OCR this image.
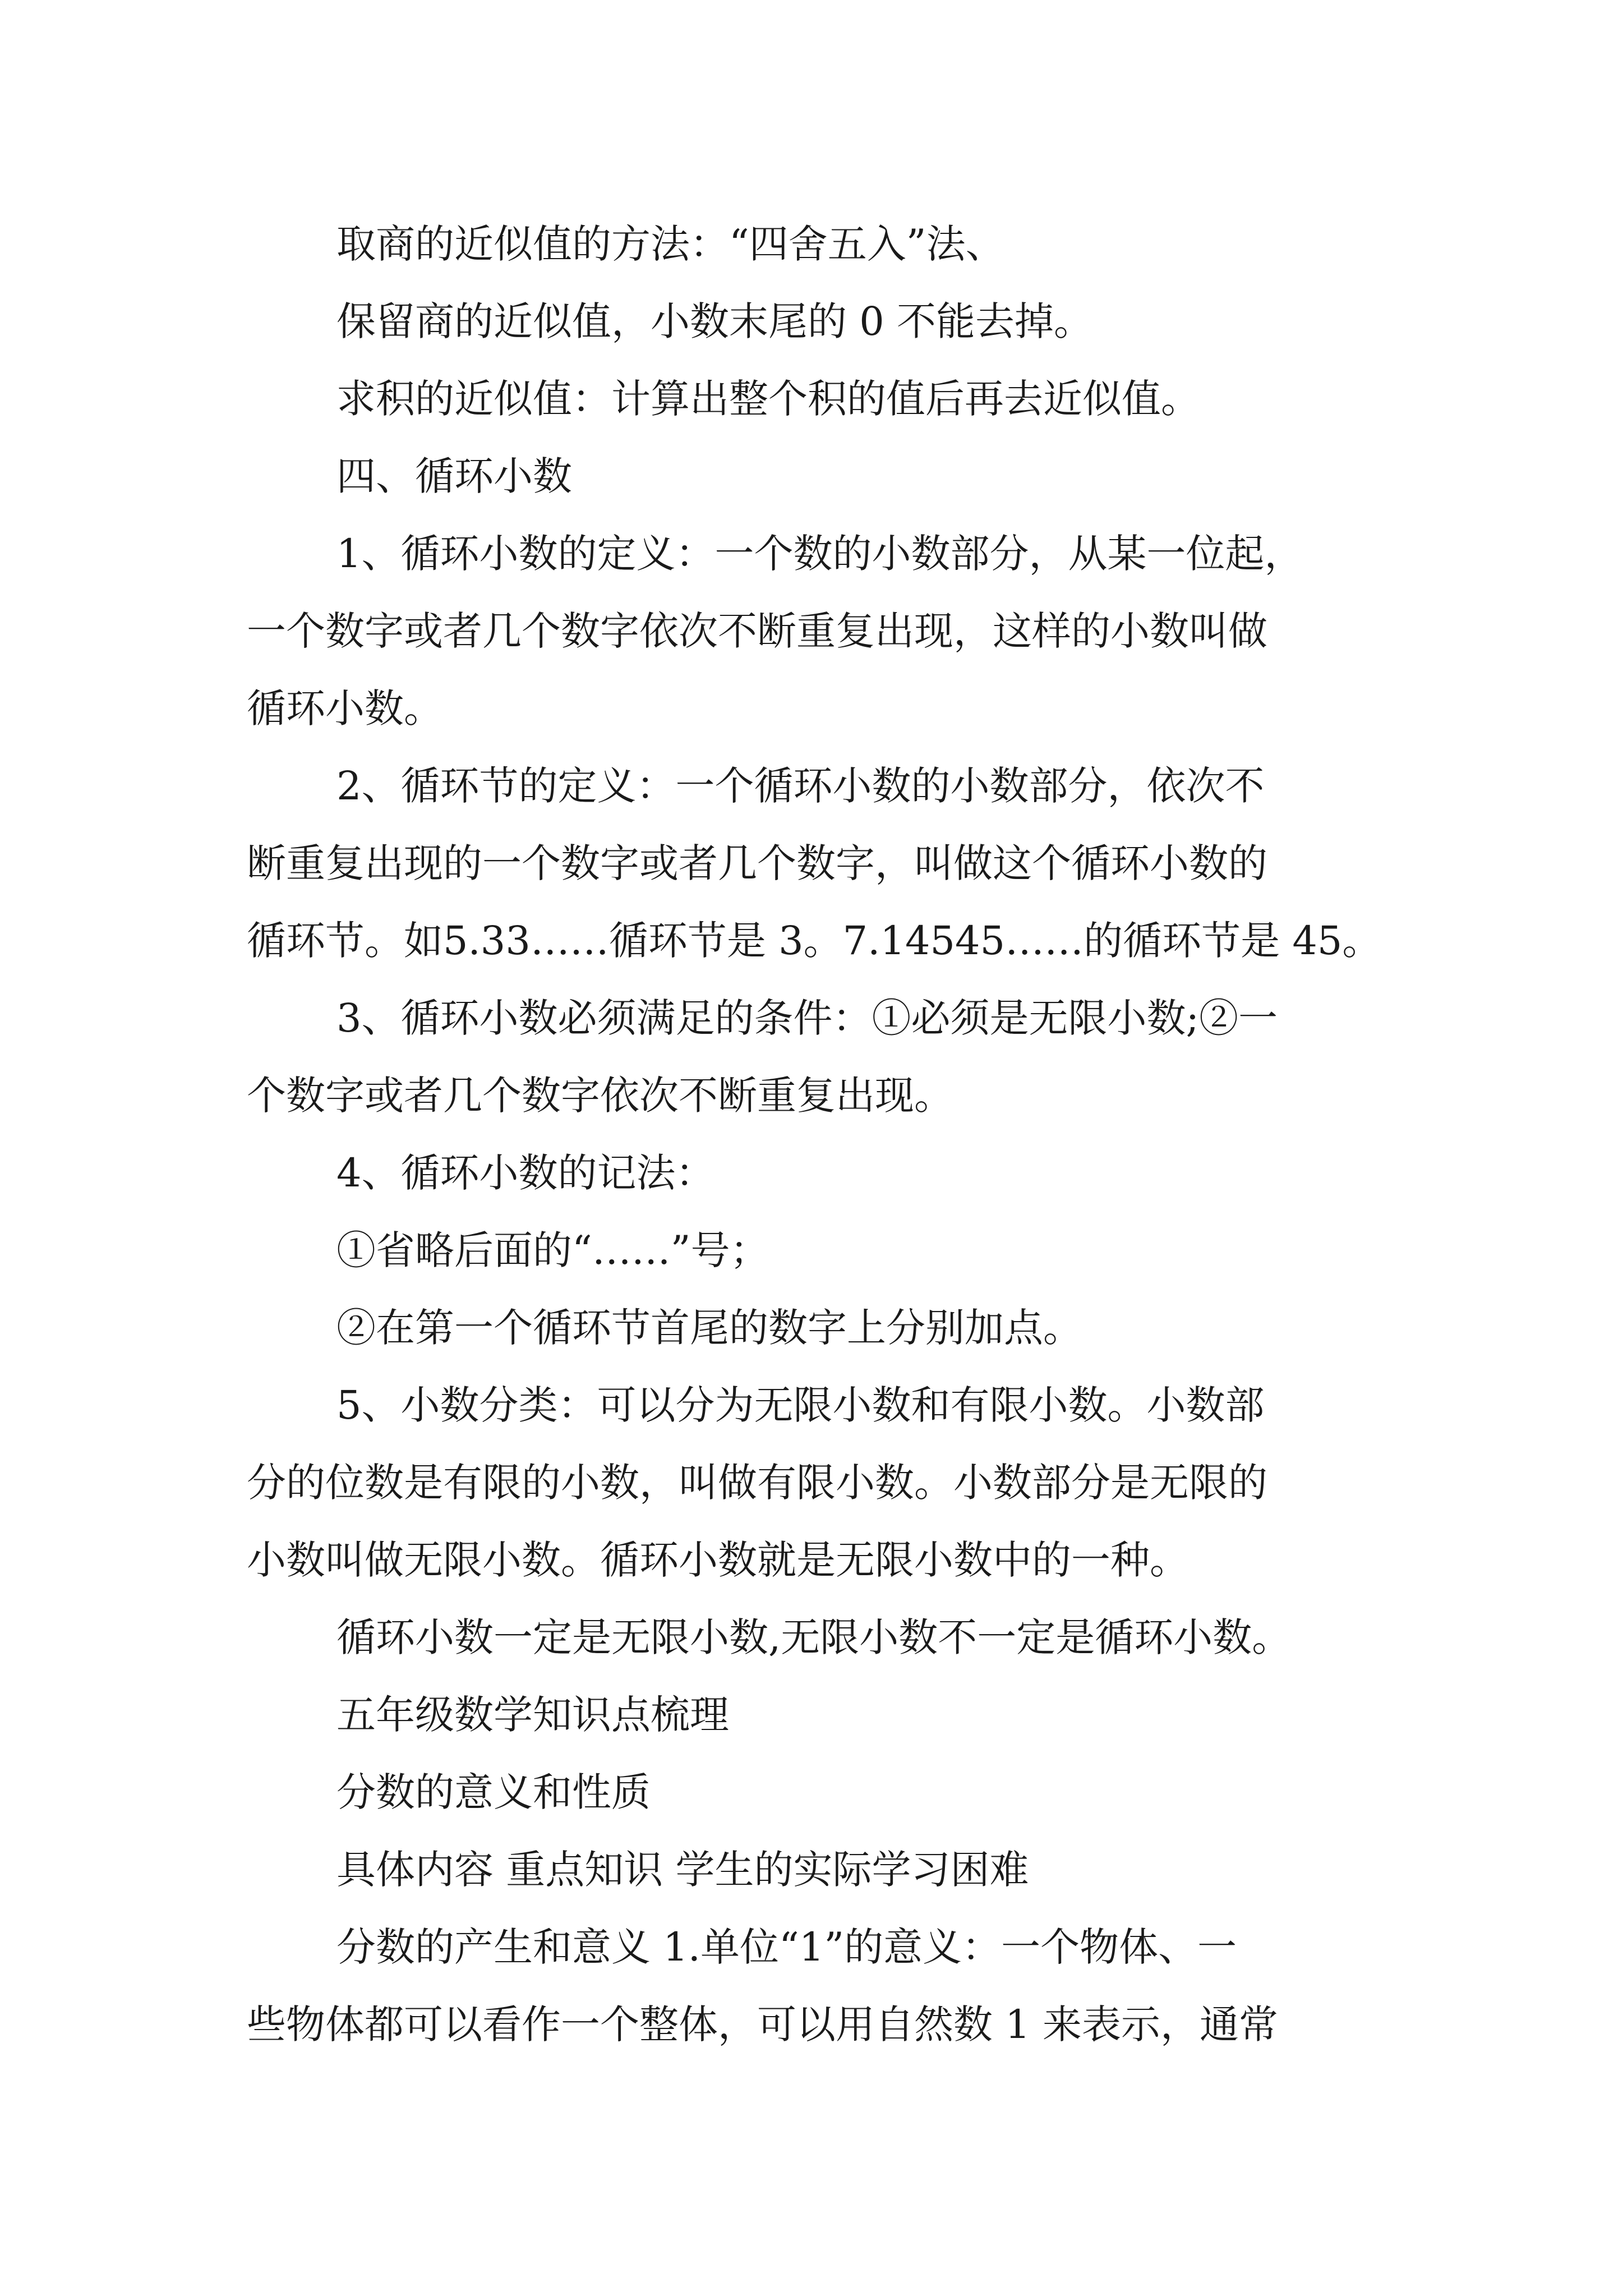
取商的近似值的方法：“四舍五入”法、
保留商的近似值，小数末尾的 0 不能去掉。
求积的近似值：计算出整个积的值后再去近似值。
四、循环小数
1、循环小数的定义：一个数的小数部分，从某一位起，
一个数字或者几个数字依次不断重复出现，这样的小数叫做
循环小数。
2、循环节的定义：一个循环小数的小数部分，依次不
断重复出现的一个数字或者几个数字，叫做这个循环小数的
循环节。如5.33……循环节是 3。7.14545……的循环节是 45。
3、循环小数必须满足的条件：①必须是无限小数;②一
个数字或者几个数字依次不断重复出现。
4、循环小数的记法：
①省略后面的“……”号；
②在第一个循环节首尾的数字上分别加点。
5、小数分类：可以分为无限小数和有限小数。小数部
分的位数是有限的小数，叫做有限小数。小数部分是无限的
小数叫做无限小数。循环小数就是无限小数中的一种。
循环小数一定是无限小数,无限小数不一定是循环小数。
五年级数学知识点梳理
分数的意义和性质
具体内容 重点知识 学生的实际学习困难
分数的产生和意义 1.单位“1”的意义：一个物体、一
些物体都可以看作一个整体，可以用自然数 1 来表示，通常
